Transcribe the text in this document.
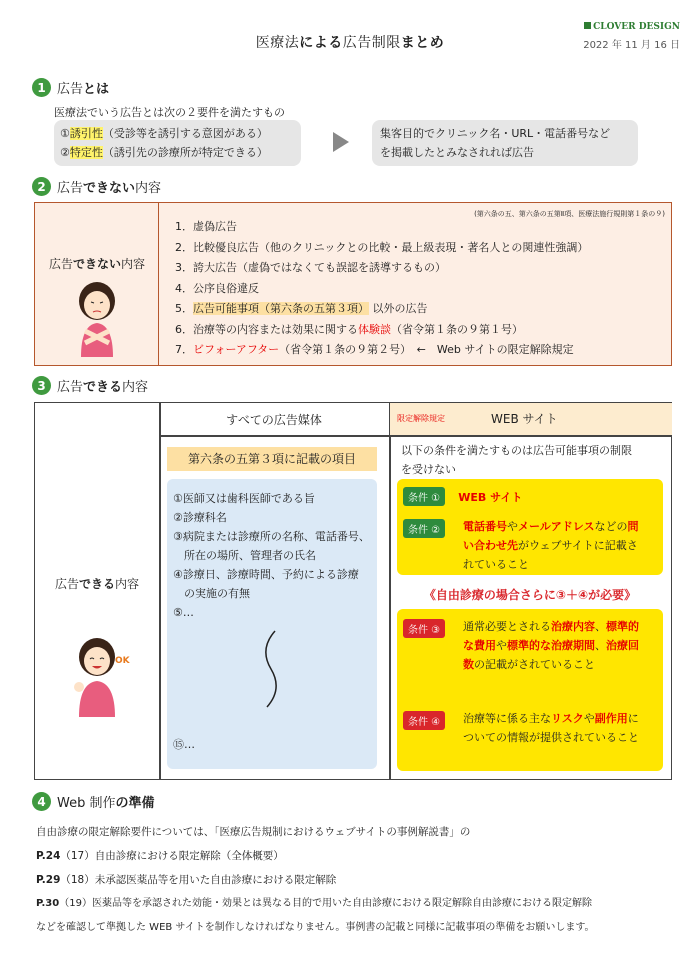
医療法による広告制限まとめ
CLOVER DESIGN
2022 年 11 月 16 日
1 広告とは
医療法でいう広告とは次の２要件を満たすもの
①誘引性（受診等を誘引する意図がある）
②特定性（誘引先の診療所が特定できる）
集客目的でクリニック名・URL・電話番号など
を掲載したとみなされれば広告
2 広告できない内容
広告できない内容
(第六条の五、第六条の五第Ⅱ項、医療法施行規則第１条の９)
1．虚偽広告
2．比較優良広告（他のクリニックとの比較・最上級表現・著名人との関連性強調）
3．誇大広告（虚偽ではなくても誤認を誘導するもの）
4．公序良俗違反
5．広告可能事項（第六条の五第３項） 以外の広告
6．治療等の内容または効果に関する体験談（省令第１条の９第１号）
7．ビフォーアフター（省令第１条の９第２号）　←　Web サイトの限定解除規定
3 広告できる内容
広告できる内容
OK
すべての広告媒体	限定解除規定	WEB サイト
第六条の五第３項に記載の項目
①医師又は歯科医師である旨
②診療科名
③病院または診療所の名称、電話番号、
　所在の場所、管理者の氏名
④診療日、診療時間、予約による診療
　の実施の有無
⑤…
⑮…
以下の条件を満たすものは広告可能事項の制限
を受けない
条件 ① WEB サイト
条件 ②	電話番号やメールアドレスなどの問
い合わせ先がウェブサイトに記載さ
れていること
《自由診療の場合さらに③＋④が必要》
条件 ③	通常必要とされる治療内容、標準的
な費用や標準的な治療期間、治療回
数の記載がされていること
条件 ④	治療等に係る主なリスクや副作用に
ついての情報が提供されていること
4 Web 制作の準備
自由診療の限定解除要件については、「医療広告規制におけるウェブサイトの事例解説書」の
P.24（17）自由診療における限定解除（全体概要）
P.29（18）未承認医薬品等を用いた自由診療における限定解除
P.30（19）医薬品等を承認された効能・効果とは異なる目的で用いた自由診療における限定解除自由診療における限定解除
などを確認して準拠した WEB サイトを制作しなければなりません。事例書の記載と同様に記載事項の準備をお願いします。
